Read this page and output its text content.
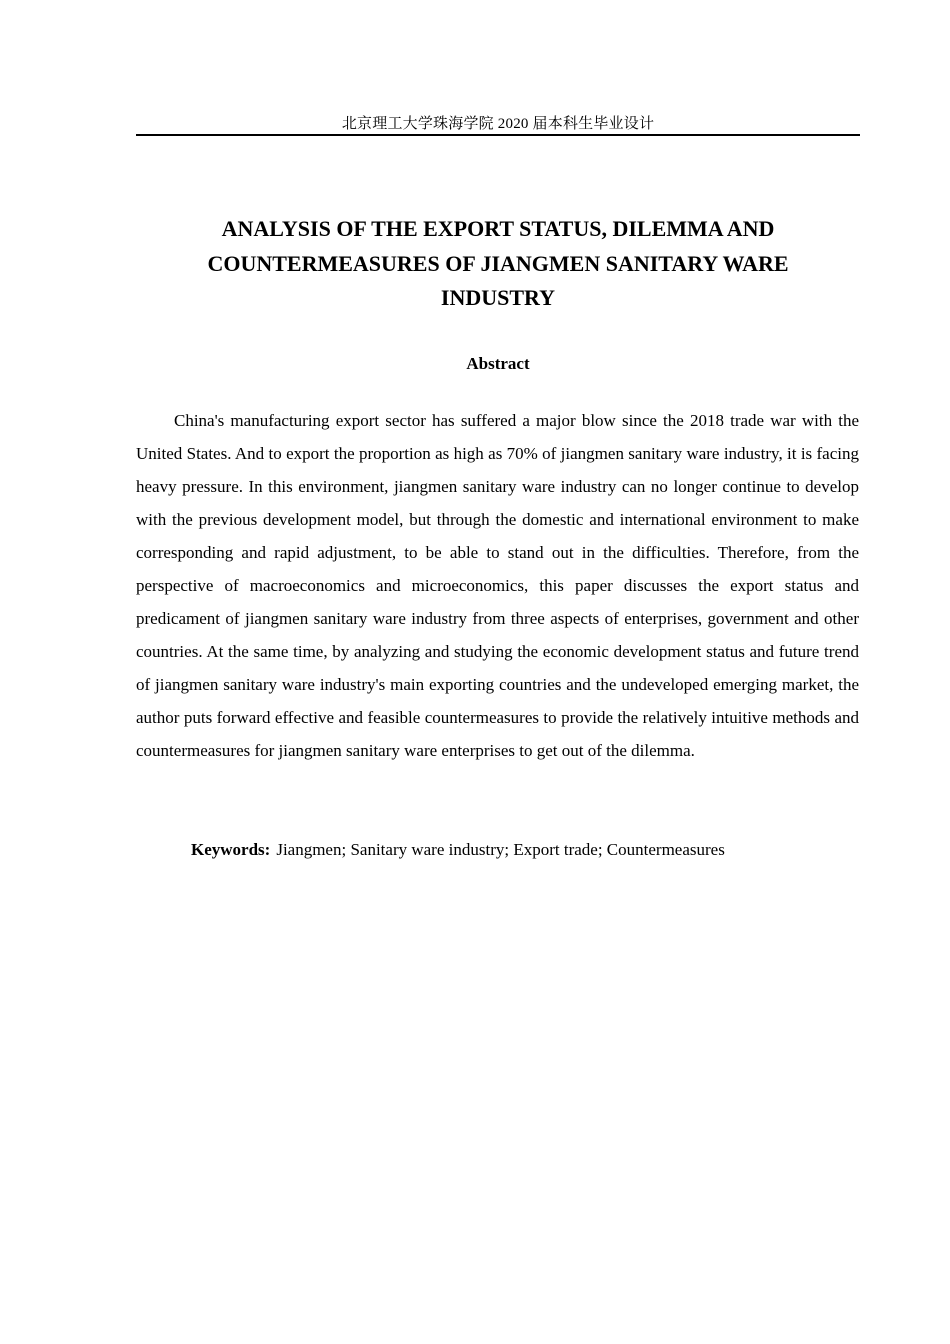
北京理工大学珠海学院 2020 届本科生毕业设计
ANALYSIS OF THE EXPORT STATUS, DILEMMA AND
COUNTERMEASURES OF JIANGMEN SANITARY WARE
INDUSTRY
Abstract

China's manufacturing export sector has suffered a major blow since the 2018 trade war with the United States. And to export the proportion as high as 70% of jiangmen sanitary ware industry, it is facing heavy pressure. In this environment, jiangmen sanitary ware industry can no longer continue to develop with the previous development model, but through the domestic and international environment to make corresponding and rapid adjustment, to be able to stand out in the difficulties. Therefore, from the perspective of macroeconomics and microeconomics, this paper discusses the export status and predicament of jiangmen sanitary ware industry from three aspects of enterprises, government and other countries. At the same time, by analyzing and studying the economic development status and future trend of jiangmen sanitary ware industry's main exporting countries and the undeveloped emerging market, the author puts forward effective and feasible countermeasures to provide the relatively intuitive methods and countermeasures for jiangmen sanitary ware enterprises to get out of the dilemma.

Keywords: Jiangmen; Sanitary ware industry; Export trade; Countermeasures
